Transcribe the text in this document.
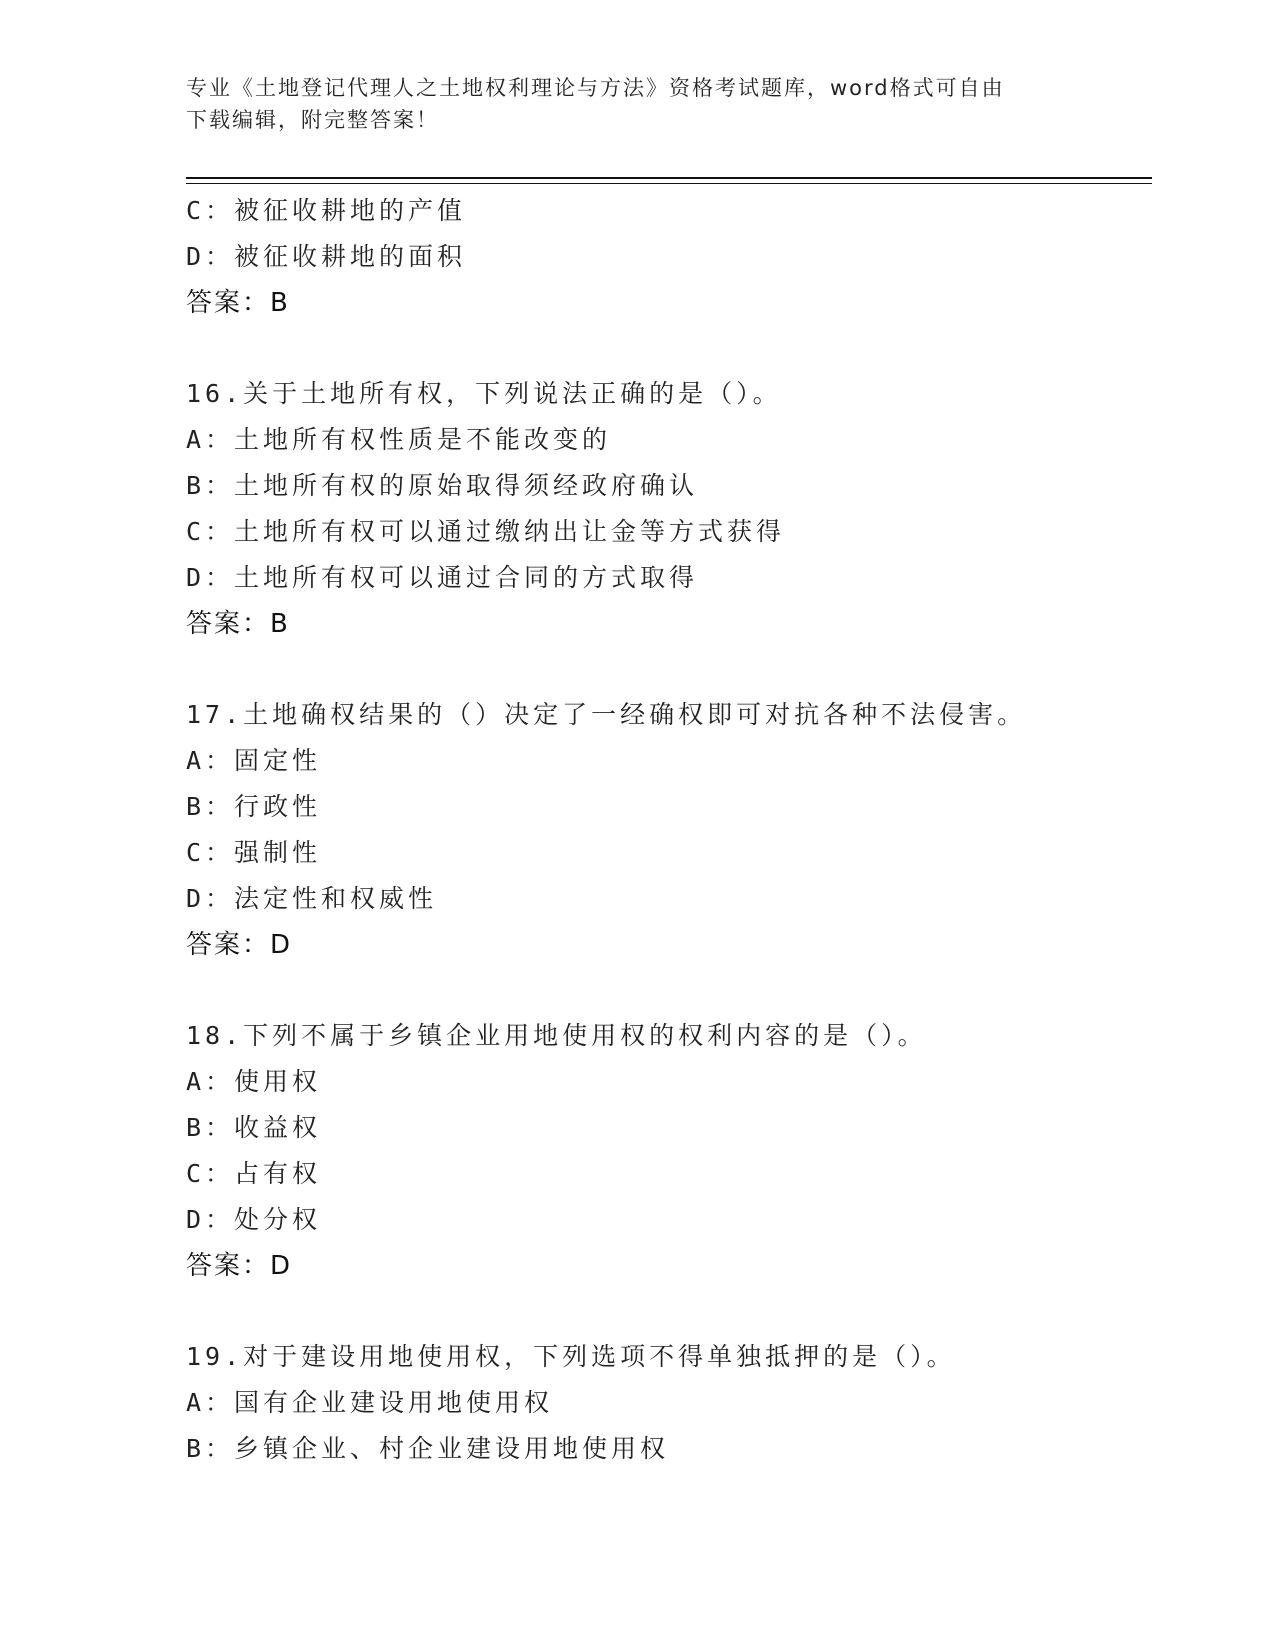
专业《土地登记代理人之土地权利理论与方法》资格考试题库，word格式可自由
下载编辑，附完整答案！
C：被征收耕地的产值
D：被征收耕地的面积
答案：B
16.关于土地所有权，下列说法正确的是（）。
A：土地所有权性质是不能改变的
B：土地所有权的原始取得须经政府确认
C：土地所有权可以通过缴纳出让金等方式获得
D：土地所有权可以通过合同的方式取得
答案：B
17.土地确权结果的（）决定了一经确权即可对抗各种不法侵害。
A：固定性
B：行政性
C：强制性
D：法定性和权威性
答案：D
18.下列不属于乡镇企业用地使用权的权利内容的是（）。
A：使用权
B：收益权
C：占有权
D：处分权
答案：D
19.对于建设用地使用权，下列选项不得单独抵押的是（）。
A：国有企业建设用地使用权
B：乡镇企业、村企业建设用地使用权
